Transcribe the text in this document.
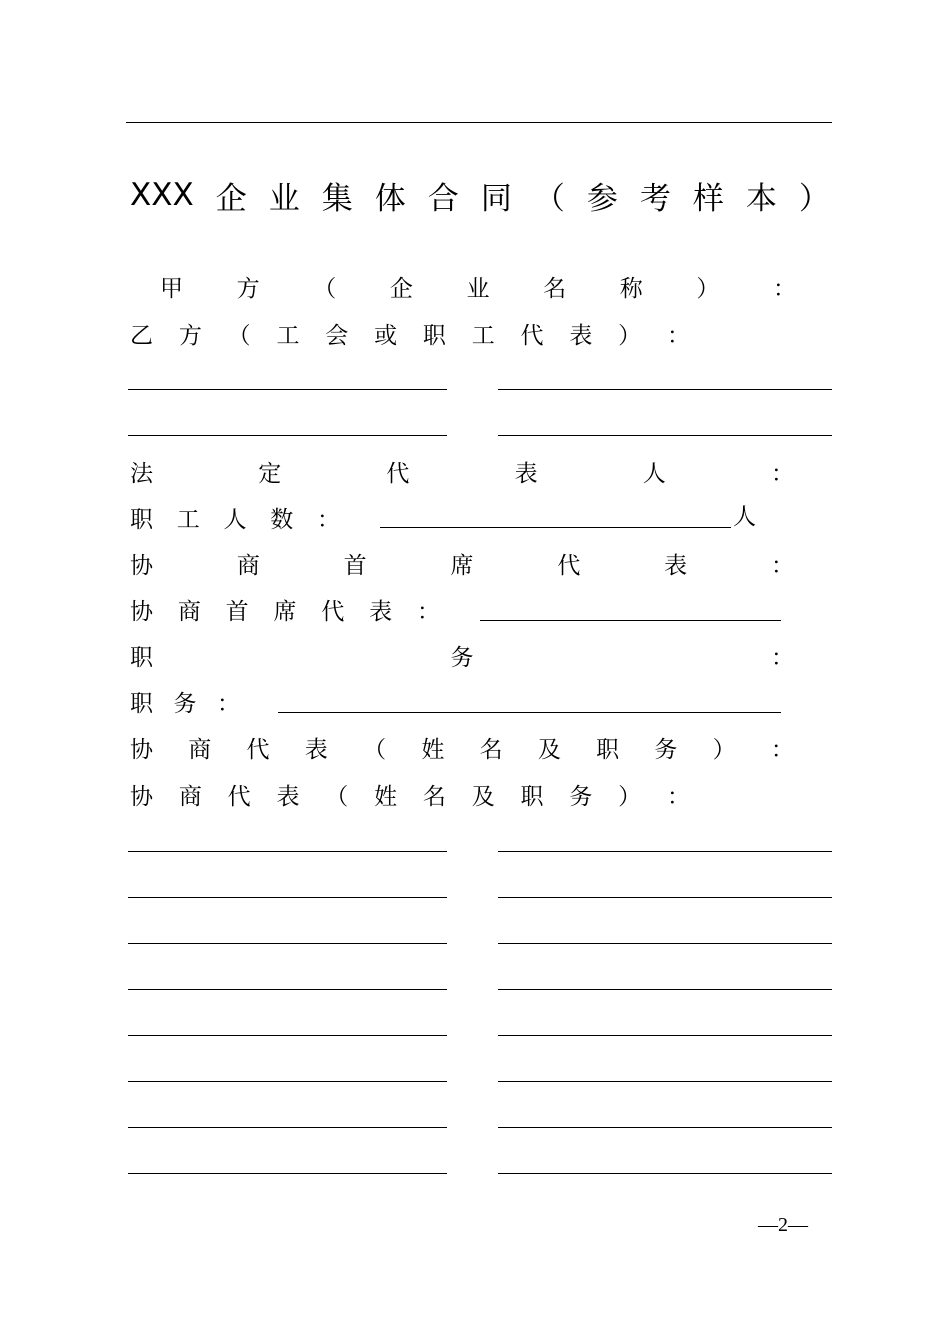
XXX 企 业 集 体 合 同 （ 参 考 样 本 ）
甲 方 （ 企 业 名 称 ） ：
乙 方 （ 工 会 或 职 工 代 表 ） ：
法	定	代	表	人	：
职 工 人 数 ：	人
协	商	首	席	代	表	：
协 商 首 席 代 表 ：
职	务	：
职 务 ：
协 商 代 表 （ 姓 名 及 职 务 ） ：
协 商 代 表 （ 姓 名 及 职 务 ） ：
—2—
